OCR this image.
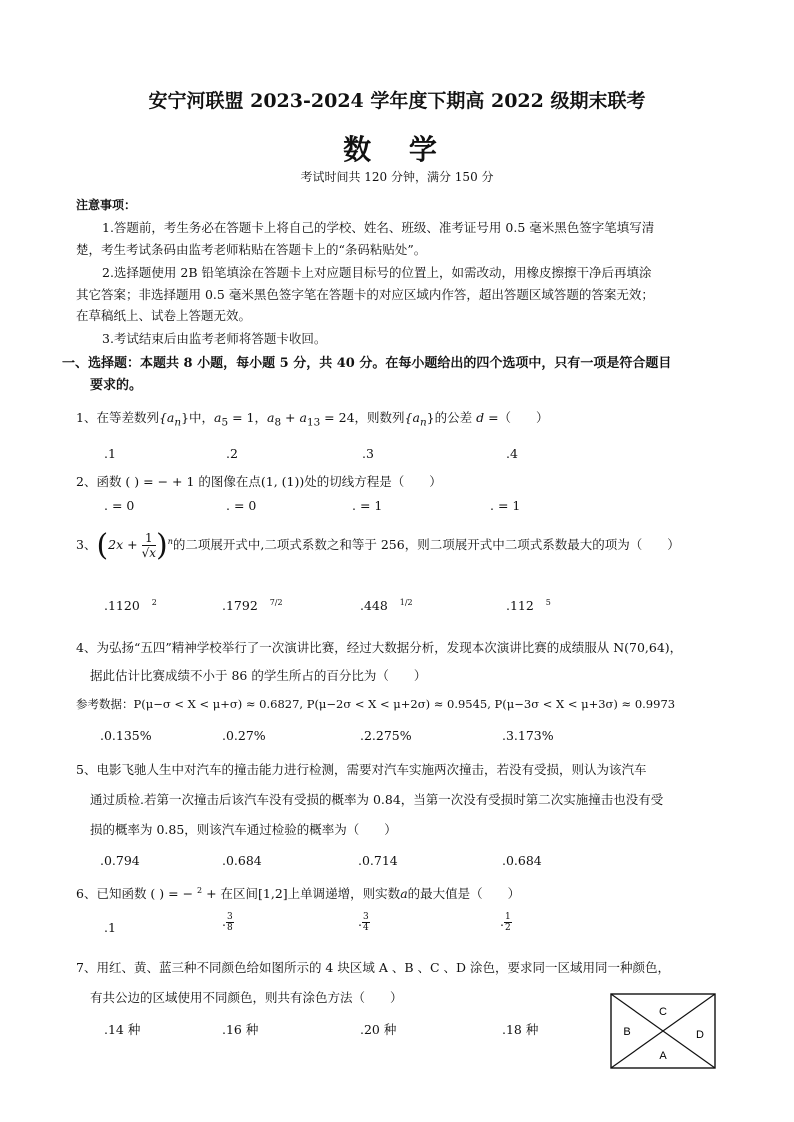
安宁河联盟 2023-2024 学年度下期高 2022 级期末联考
数 学
考试时间共 120 分钟，满分 150 分
注意事项：
1.答题前，考生务必在答题卡上将自己的学校、姓名、班级、准考证号用 0.5 毫米黑色签字笔填写清
楚，考生考试条码由监考老师粘贴在答题卡上的“条码粘贴处”。
2.选择题使用 2B 铅笔填涂在答题卡上对应题目标号的位置上，如需改动，用橡皮擦擦干净后再填涂
其它答案；非选择题用 0.5 毫米黑色签字笔在答题卡的对应区域内作答，超出答题区域答题的答案无效；
在草稿纸上、试卷上答题无效。
3.考试结束后由监考老师将答题卡收回。
一、选择题：本题共 8 小题，每小题 5 分，共 40 分。在每小题给出的四个选项中，只有一项是符合题目
要求的。
1、在等差数列$\{a_n\}$中，$a_5 = 1$，$a_8 + a_{13} = 24$，则数列$\{a_n\}$的公差 d =（　　）
.1	.2	.3	.4
2、函数 ( ) = − + 1 的图像在点(1, (1))处的切线方程是（　　）
. = 0	. = 0	. = 1	. = 1
3、$(2x + \frac{1}{√x} )^n$的二项展开式中,二项式系数之和等于 256，则二项展开式中二项式系数最大的项为（　　）
.1120 $^2$	.1792 $^{7/2}$	.448 $^{1/2}$	.112 $^5$
4、为弘扬“五四”精神学校举行了一次演讲比赛，经过大数据分析，发现本次演讲比赛的成绩服从 N(70,64)，
据此估计比赛成绩不小于 86 的学生所占的百分比为（　　）
参考数据：P(μ−σ < X < μ+σ) ≈ 0.6827, P(μ−2σ < X < μ+2σ) ≈ 0.9545, P(μ−3σ < X < μ+3σ) ≈ 0.9973
.0.135%	.0.27%	.2.275%	.3.173%
5、电影飞驰人生中对汽车的撞击能力进行检测，需要对汽车实施两次撞击，若没有受损，则认为该汽车
通过质检.若第一次撞击后该汽车没有受损的概率为 0.84，当第一次没有受损时第二次实施撞击也没有受
损的概率为 0.85，则该汽车通过检验的概率为（　　）
.0.794	.0.684	.0.714	.0.684
6、已知函数 ( ) = − $^2$ + 在区间[1,2]上单调递增，则实数a的最大值是（　　）
.1	. $\frac{3}{8}$	. $\frac{3}{4}$	. $\frac{1}{2}$
7、用红、黄、蓝三种不同颜色给如图所示的 4 块区域 A 、B 、C 、D 涂色，要求同一区域用同一种颜色，
有共公边的区域使用不同颜色，则共有涂色方法（　　）
.14 种	.16 种	.20 种	.18 种
C
B	D
A
